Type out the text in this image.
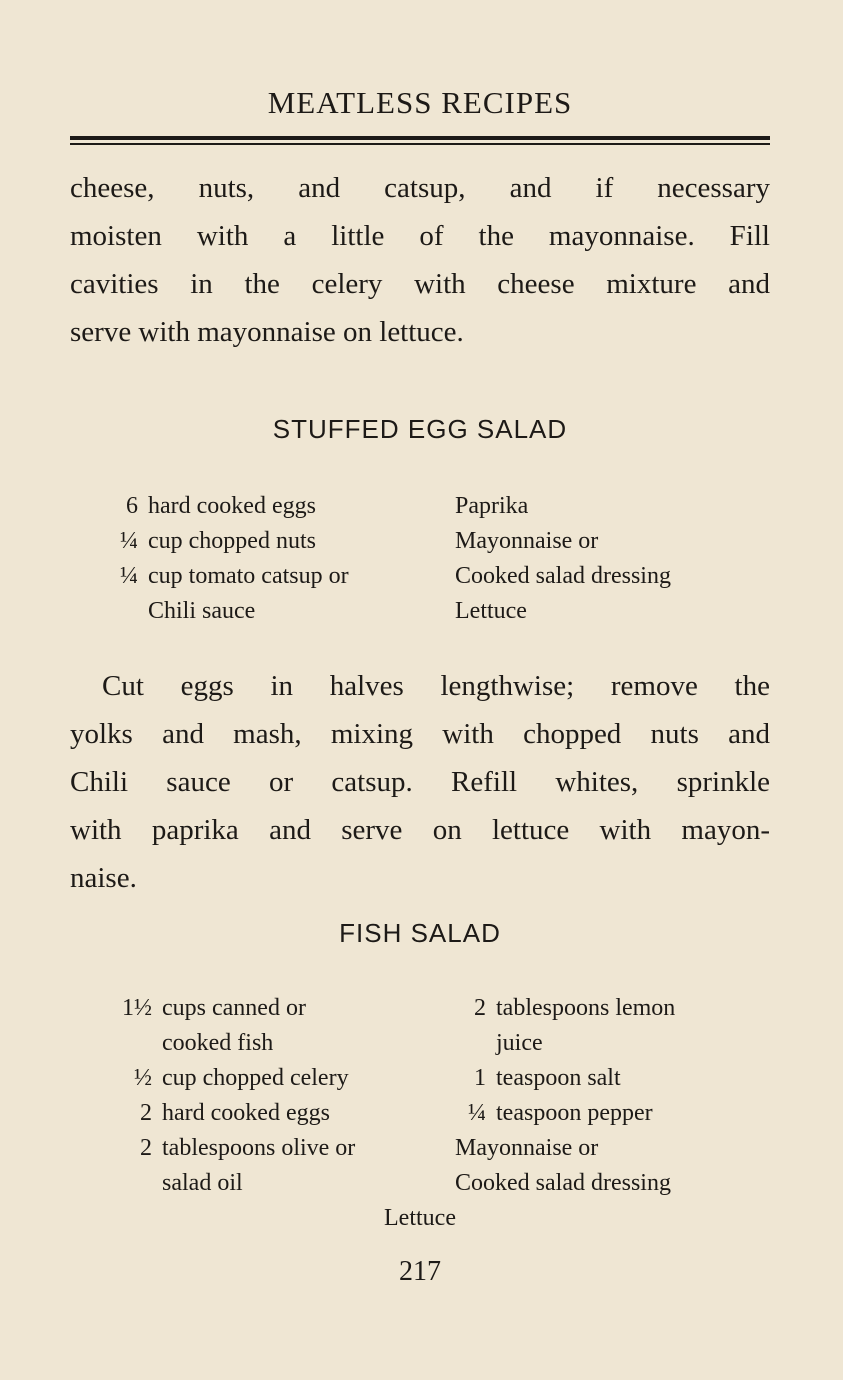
MEATLESS RECIPES
cheese, nuts, and catsup, and if necessary
moisten with a little of the mayonnaise. Fill
cavities in the celery with cheese mixture and
serve with mayonnaise on lettuce.
STUFFED EGG SALAD
6 hard cooked eggs
¼ cup chopped nuts
¼ cup tomato catsup or
Chili sauce
Paprika
Mayonnaise or
Cooked salad dressing
Lettuce
Cut eggs in halves lengthwise; remove the
yolks and mash, mixing with chopped nuts and
Chili sauce or catsup. Refill whites, sprinkle
with paprika and serve on lettuce with mayon-
naise.
FISH SALAD
1½ cups canned or
cooked fish
½ cup chopped celery
2 hard cooked eggs
2 tablespoons olive or
salad oil
2 tablespoons lemon
juice
1 teaspoon salt
¼ teaspoon pepper
Mayonnaise or
Cooked salad dressing
Lettuce
217
